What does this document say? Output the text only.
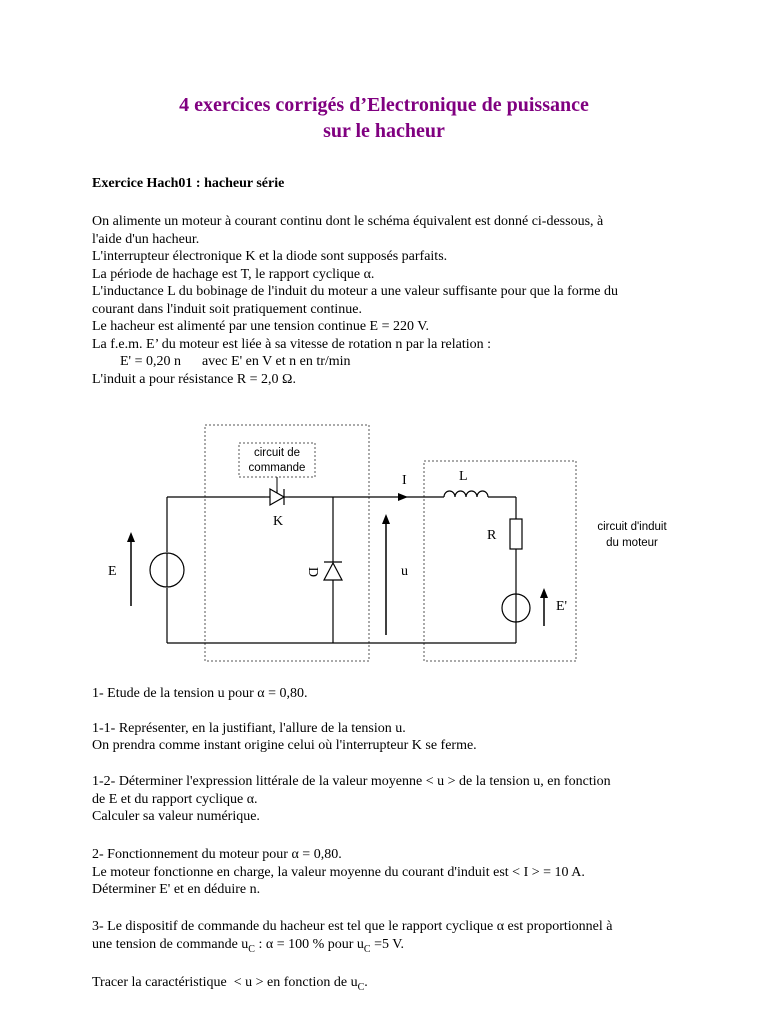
4 exercices corrigés d’Electronique de puissance
sur le hacheur
Exercice Hach01 : hacheur série
On alimente un moteur à courant continu dont le schéma équivalent est donné ci-dessous, à
l'aide d'un hacheur.
L'interrupteur électronique K et la diode sont supposés parfaits.
La période de hachage est T, le rapport cyclique α.
L'inductance L du bobinage de l'induit du moteur a une valeur suffisante pour que la forme du
courant dans l'induit soit pratiquement continue.
Le hacheur est alimenté par une tension continue E = 220 V.
La f.e.m. E’ du moteur est liée à sa vitesse de rotation n par la relation :
E' = 0,20 n      avec E' en V et n en tr/min
L'induit a pour résistance R = 2,0 Ω.
circuit de
commande
E
K
D	u
I	L
R
E'
circuit d'induit
du moteur
1- Etude de la tension u pour α = 0,80.
1-1- Représenter, en la justifiant, l'allure de la tension u.
On prendra comme instant origine celui où l'interrupteur K se ferme.
1-2- Déterminer l'expression littérale de la valeur moyenne < u > de la tension u, en fonction
de E et du rapport cyclique α.
Calculer sa valeur numérique.
2- Fonctionnement du moteur pour α = 0,80.
Le moteur fonctionne en charge, la valeur moyenne du courant d'induit est < I > = 10 A.
Déterminer E' et en déduire n.
3- Le dispositif de commande du hacheur est tel que le rapport cyclique α est proportionnel à
une tension de commande $u_C$ : α = 100 % pour $u_C =5$ V.
Tracer la caractéristique  < u > en fonction de $u_C$.
